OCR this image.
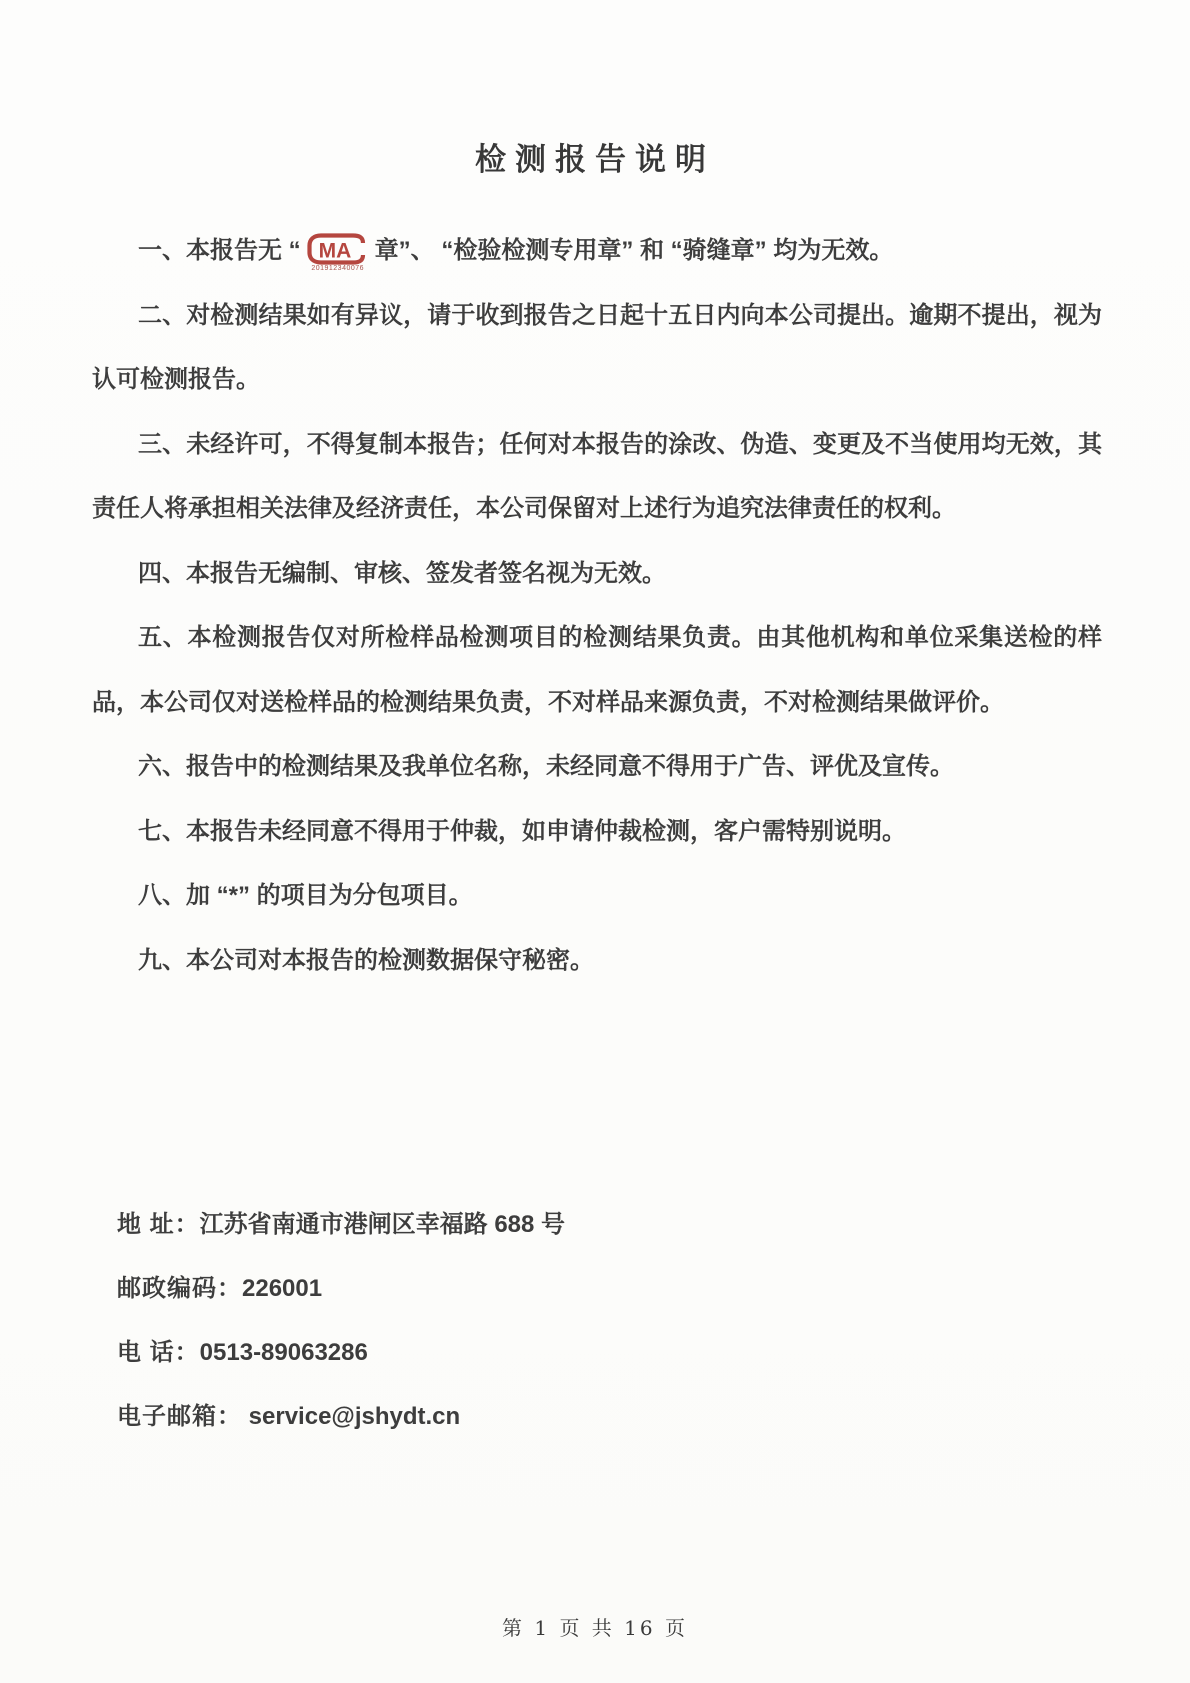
检测报告说明

一、本报告无 “ MA
201912340076
章”、 “检验检测专用章” 和 “骑缝章” 均为无效。

二、对检测结果如有异议，请于收到报告之日起十五日内向本公司提出。逾期不提出，视为认可检测报告。

三、未经许可，不得复制本报告；任何对本报告的涂改、伪造、变更及不当使用均无效，其责任人将承担相关法律及经济责任，本公司保留对上述行为追究法律责任的权利。

四、本报告无编制、审核、签发者签名视为无效。

五、本检测报告仅对所检样品检测项目的检测结果负责。由其他机构和单位采集送检的样品，本公司仅对送检样品的检测结果负责，不对样品来源负责，不对检测结果做评价。

六、报告中的检测结果及我单位名称，未经同意不得用于广告、评优及宣传。

七、本报告未经同意不得用于仲裁，如申请仲裁检测，客户需特别说明。

八、加 “*” 的项目为分包项目。

九、本公司对本报告的检测数据保守秘密。

地 址：江苏省南通市港闸区幸福路 688 号

邮政编码：226001

电 话：0513-89063286

电子邮箱： service@jshydt.cn

第 1 页 共 16 页
